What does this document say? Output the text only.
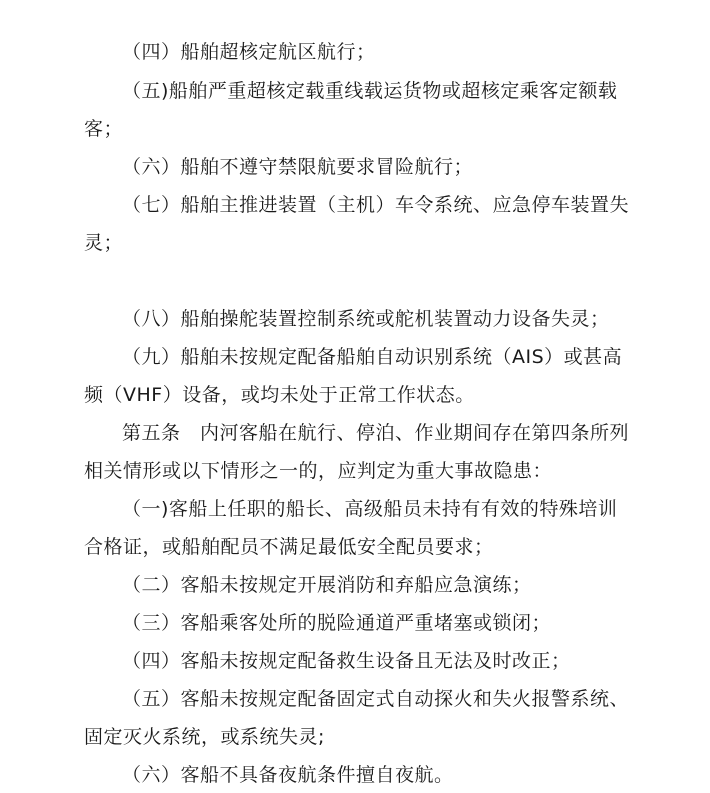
（四）船舶超核定航区航行；
（五)船舶严重超核定载重线载运货物或超核定乘客定额载
客；
（六）船舶不遵守禁限航要求冒险航行；
（七）船舶主推进装置（主机）车令系统、应急停车装置失
灵；
（八）船舶操舵装置控制系统或舵机装置动力设备失灵；
（九）船舶未按规定配备船舶自动识别系统（AIS）或甚高
频（VHF）设备，或均未处于正常工作状态。
第五条　内河客船在航行、停泊、作业期间存在第四条所列
相关情形或以下情形之一的，应判定为重大事故隐患：
（一)客船上任职的船长、高级船员未持有有效的特殊培训
合格证，或船舶配员不满足最低安全配员要求；
（二）客船未按规定开展消防和弃船应急演练；
（三）客船乘客处所的脱险通道严重堵塞或锁闭；
（四）客船未按规定配备救生设备且无法及时改正；
（五）客船未按规定配备固定式自动探火和失火报警系统、
固定灭火系统，或系统失灵;
（六）客船不具备夜航条件擅自夜航。
